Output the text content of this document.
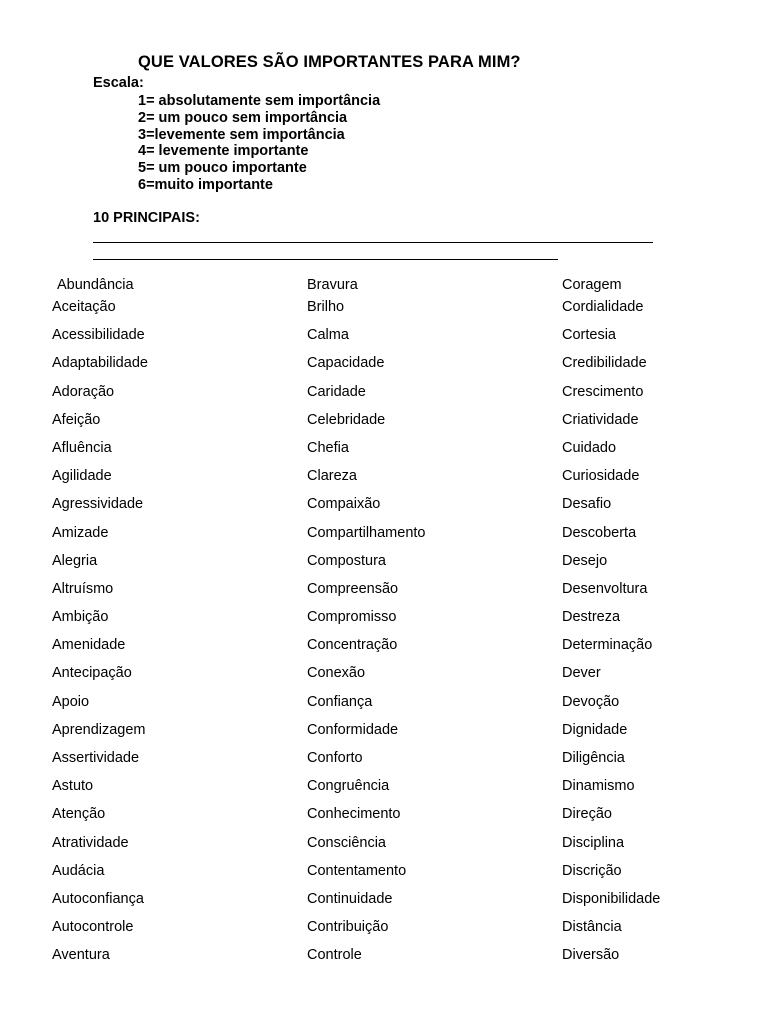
QUE VALORES SÃO IMPORTANTES PARA MIM?
Escala:
1= absolutamente sem importância
2= um pouco sem importância
3=levemente sem importância
4= levemente importante
5= um pouco importante
6=muito importante
10 PRINCIPAIS:
Abundância
Aceitação
Acessibilidade
Adaptabilidade
Adoração
Afeição
Afluência
Agilidade
Agressividade
Amizade
Alegria
Altruísmo
Ambição
Amenidade
Antecipação
Apoio
Aprendizagem
Assertividade
Astuto
Atenção
Atratividade
Audácia
Autoconfiança
Autocontrole
Aventura
Bravura
Brilho
Calma
Capacidade
Caridade
Celebridade
Chefia
Clareza
Compaixão
Compartilhamento
Compostura
Compreensão
Compromisso
Concentração
Conexão
Confiança
Conformidade
Conforto
Congruência
Conhecimento
Consciência
Contentamento
Continuidade
Contribuição
Controle
Coragem
Cordialidade
Cortesia
Credibilidade
Crescimento
Criatividade
Cuidado
Curiosidade
Desafio
Descoberta
Desejo
Desenvoltura
Destreza
Determinação
Dever
Devoção
Dignidade
Diligência
Dinamismo
Direção
Disciplina
Discrição
Disponibilidade
Distância
Diversão
